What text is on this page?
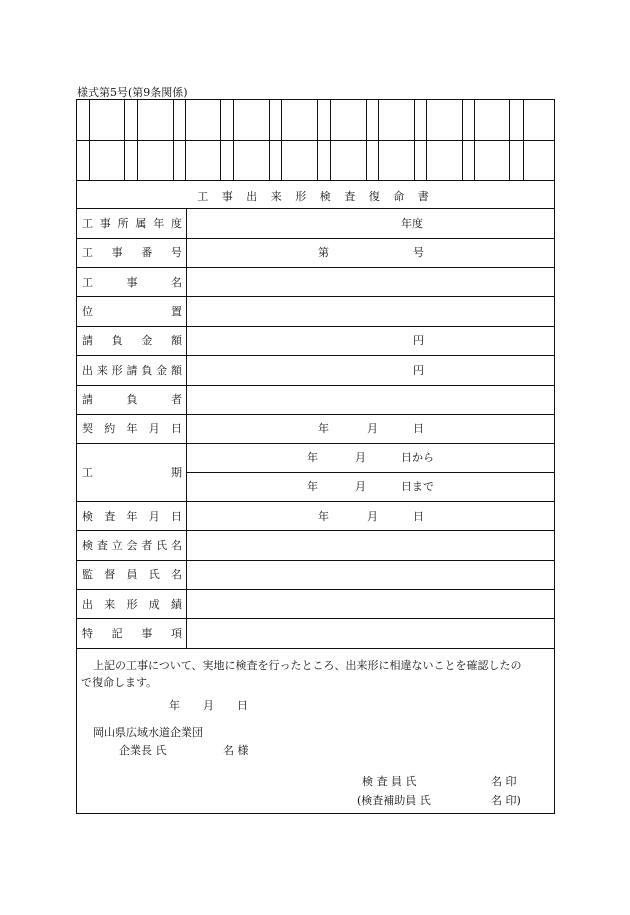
様式第5号(第9条関係)
工 事 出 来 形 検 査 復 命 書
工事所属年度	年度
工 事 番 号	第	号
工 事 名
位 置
請 負 金 額	円
出来形請負金額	円
請 負 者
契 約 年 月 日	年	月	日
工 期
年	月	日から
年	月	日まで
検 査 年 月 日	年	月	日
検査立会者氏名
監 督 員 氏 名
出 来 形 成 績
特 記 事 項
上記の工事について、実地に検査を行ったところ、出来形に相違ないことを確認したの
で復命します。
年 月 日
岡山県広域水道企業団
企業長 氏	名 様
検 査 員 氏	名 印
(検査補助員 氏	名 印)
